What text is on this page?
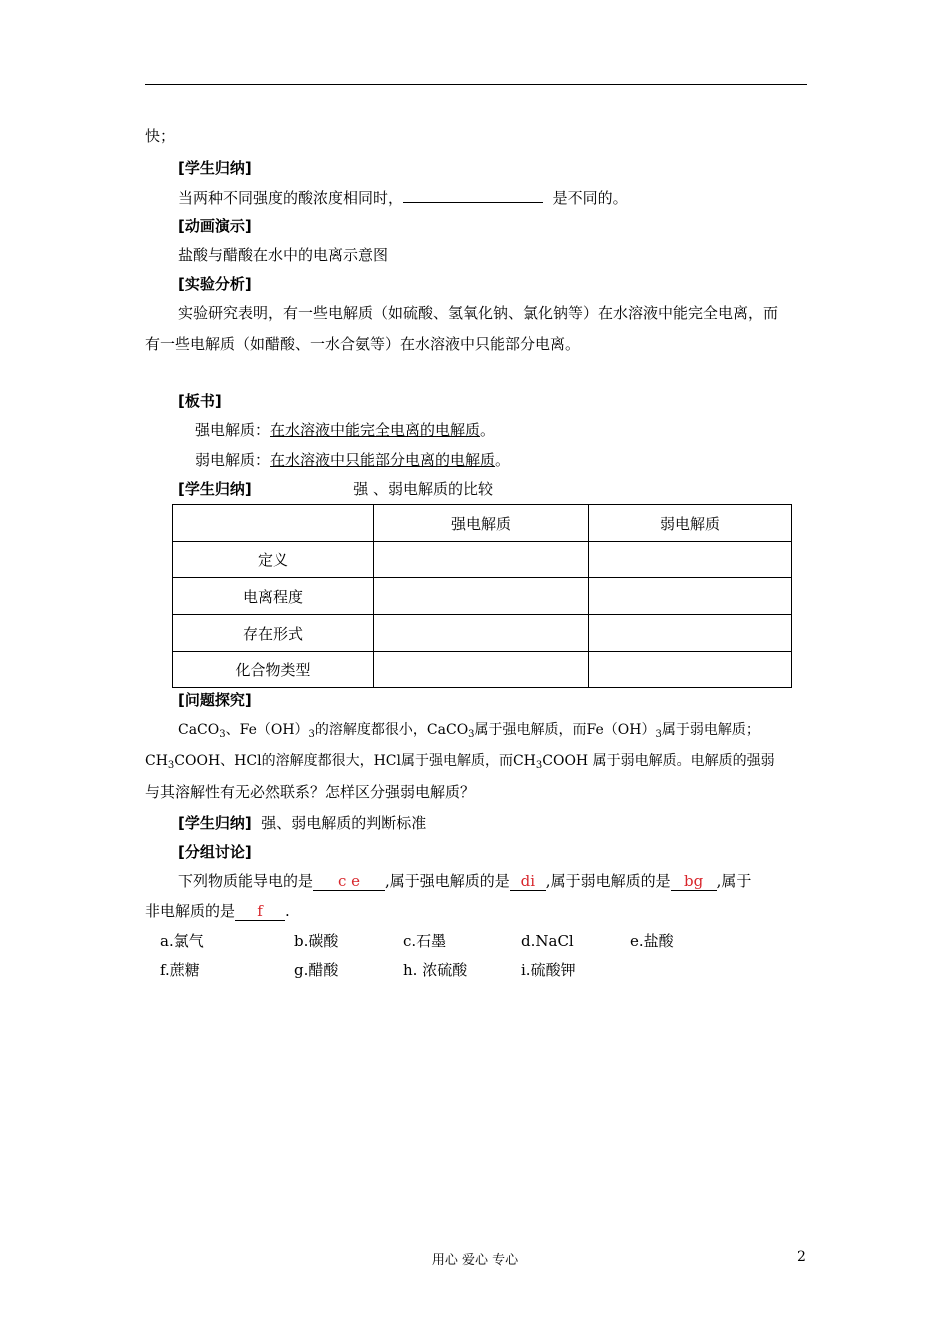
快；
[学生归纳]
当两种不同强度的酸浓度相同时，	是不同的。
[动画演示]
盐酸与醋酸在水中的电离示意图
[实验分析]
实验研究表明，有一些电解质（如硫酸、氢氧化钠、氯化钠等）在水溶液中能完全电离，而
有一些电解质（如醋酸、一水合氨等）在水溶液中只能部分电离。
[板书]
强电解质：在水溶液中能完全电离的电解质。
弱电解质：在水溶液中只能部分电离的电解质。
[学生归纳]	强 、弱电解质的比较
	强电解质	弱电解质
定义		
电离程度		
存在形式		
化合物类型		
[问题探究]
CaCO$_3$、$Fe(OH)_3$的溶解度都很小，CaCO$_3$属于强电解质，而$Fe(OH)_3$属于弱电解质；
$CH_3COOH$、HCl的溶解度都很大，HCl属于强电解质，而$CH_3COOH$ 属于弱电解质。电解质的强弱
与其溶解性有无必然联系？怎样区分强弱电解质？
[学生归纳] 强、弱电解质的判断标准
[分组讨论]
下列物质能导电的是 c e ,属于强电解质的是 di ,属于弱电解质的是 bg ,属于
非电解质的是 f .
a.氯气	b.碳酸	c.石墨	d.NaCl	e.盐酸
f.蔗糖	g.醋酸	h. 浓硫酸	i.硫酸钾
用心 爱心 专心	2
